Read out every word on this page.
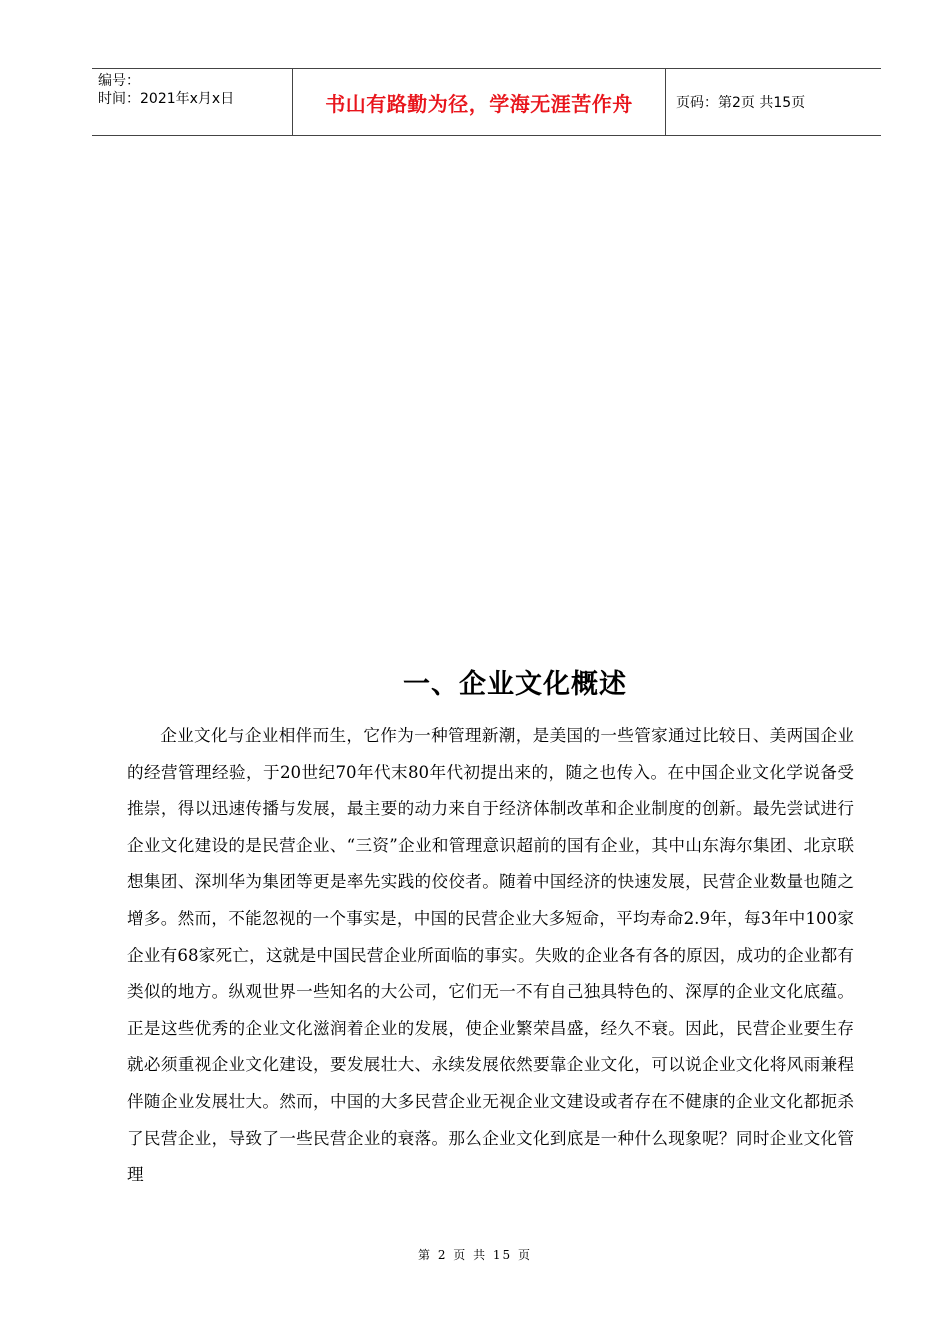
编号：
时间：2021年x月x日	书山有路勤为径，学海无涯苦作舟	页码：第2页 共15页
一、企业文化概述

企业文化与企业相伴而生，它作为一种管理新潮，是美国的一些管家通过比较日、美两国企业的经营管理经验，于20世纪70年代末80年代初提出来的，随之也传入。在中国企业文化学说备受推崇，得以迅速传播与发展，最主要的动力来自于经济体制改革和企业制度的创新。最先尝试进行企业文化建设的是民营企业、“三资”企业和管理意识超前的国有企业，其中山东海尔集团、北京联想集团、深圳华为集团等更是率先实践的佼佼者。随着中国经济的快速发展，民营企业数量也随之增多。然而，不能忽视的一个事实是，中国的民营企业大多短命，平均寿命2.9年，每3年中100家企业有68家死亡，这就是中国民营企业所面临的事实。失败的企业各有各的原因，成功的企业都有类似的地方。纵观世界一些知名的大公司，它们无一不有自己独具特色的、深厚的企业文化底蕴。正是这些优秀的企业文化滋润着企业的发展，使企业繁荣昌盛，经久不衰。因此，民营企业要生存就必须重视企业文化建设，要发展壮大、永续发展依然要靠企业文化，可以说企业文化将风雨兼程伴随企业发展壮大。然而，中国的大多民营企业无视企业文建设或者存在不健康的企业文化都扼杀了民营企业，导致了一些民营企业的衰落。那么企业文化到底是一种什么现象呢？同时企业文化管理

第 2 页 共 15 页
